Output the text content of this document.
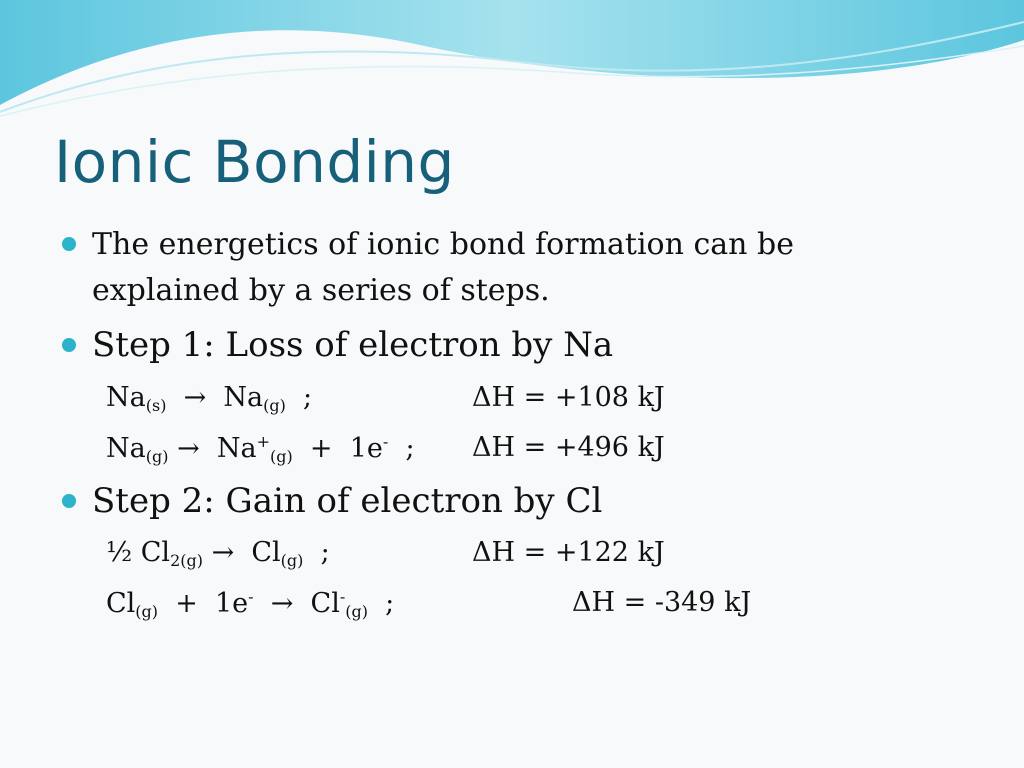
Ionic Bonding

The energetics of ionic bond formation can be explained by a series of steps.

Step 1: Loss of electron by Na

$Na_{(s)} \to Na_{(g)}$ ;	ΔH = +108 kJ
$Na_{(g)} \to Na^+_{(g)} + 1e^-$ ; ΔH = +496 kJ

Step 2: Gain of electron by Cl

½ $Cl_{2(g)} \to Cl_{(g)}$ ;	ΔH = +122 kJ
$Cl_{(g)} + 1e^- \to Cl^-_{(g)}$ ;	ΔH = -349 kJ
